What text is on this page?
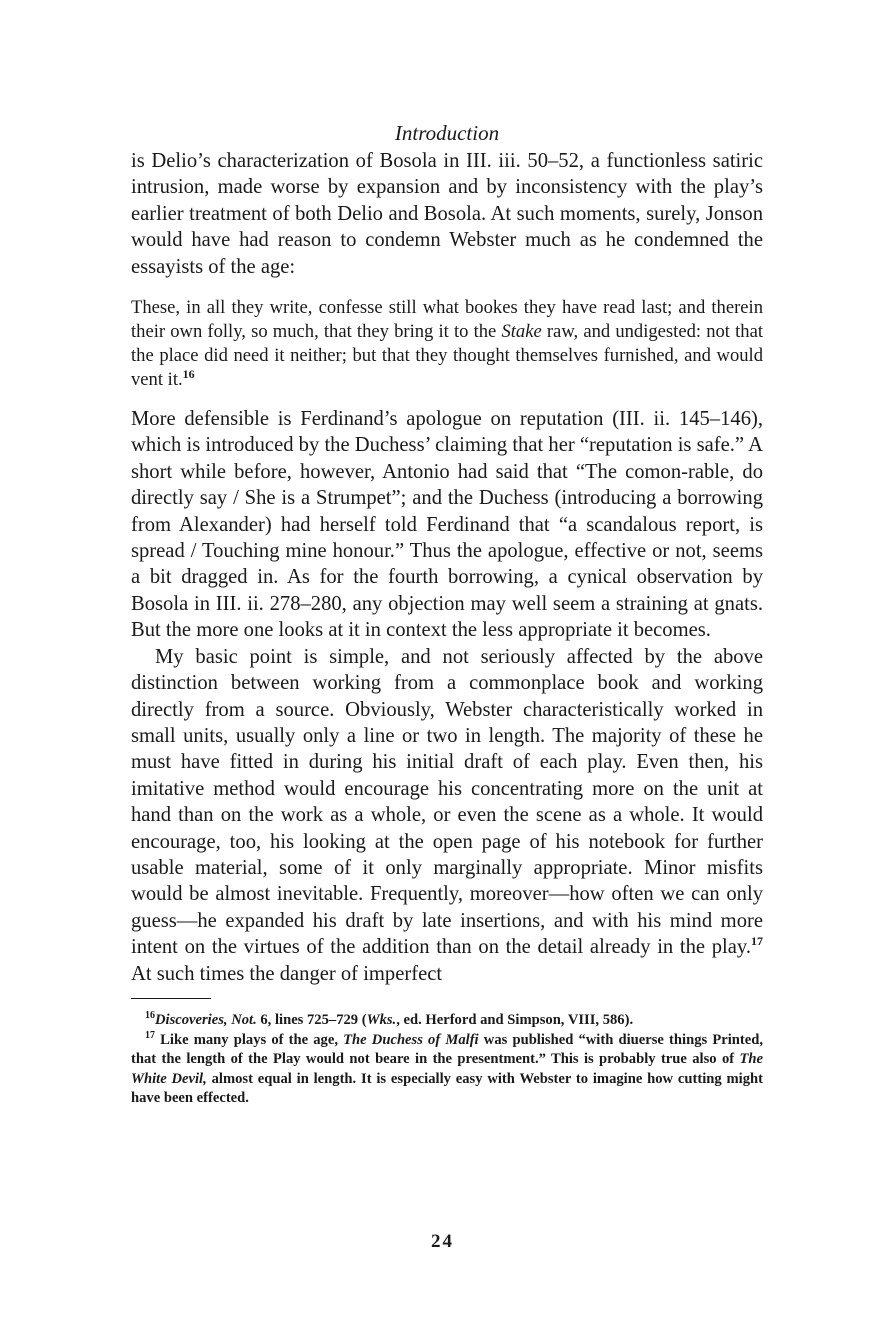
Introduction

is Delio’s characterization of Bosola in III. iii. 50–52, a functionless satiric intrusion, made worse by expansion and by inconsistency with the play’s earlier treatment of both Delio and Bosola. At such moments, surely, Jonson would have had reason to condemn Webster much as he condemned the essayists of the age:

These, in all they write, confesse still what bookes they have read last; and therein their own folly, so much, that they bring it to the Stake raw, and undigested: not that the place did need it neither; but that they thought themselves furnished, and would vent it.$^{16}$

More defensible is Ferdinand’s apologue on reputation (III. ii. 145–146), which is introduced by the Duchess’ claiming that her “reputation is safe.” A short while before, however, Antonio had said that “The comon-rable, do directly say / She is a Strumpet”; and the Duchess (introducing a borrowing from Alexander) had herself told Ferdinand that “a scandalous report, is spread / Touching mine honour.” Thus the apologue, effective or not, seems a bit dragged in. As for the fourth borrowing, a cynical observation by Bosola in III. ii. 278–280, any objection may well seem a straining at gnats. But the more one looks at it in context the less appropriate it becomes.

My basic point is simple, and not seriously affected by the above distinction between working from a commonplace book and working directly from a source. Obviously, Webster characteristically worked in small units, usually only a line or two in length. The majority of these he must have fitted in during his initial draft of each play. Even then, his imitative method would encourage his concentrating more on the unit at hand than on the work as a whole, or even the scene as a whole. It would encourage, too, his looking at the open page of his notebook for further usable material, some of it only marginally appropriate. Minor misfits would be almost inevitable. Frequently, moreover—how often we can only guess—he expanded his draft by late insertions, and with his mind more intent on the virtues of the addition than on the detail already in the play.$^{17}$ At such times the danger of imperfect

$^{16}$Discoveries, Not. 6, lines 725–729 (Wks., ed. Herford and Simpson, VIII, 586).

$^{17}$ Like many plays of the age, The Duchess of Malfi was published “with diuerse things Printed, that the length of the Play would not beare in the presentment.” This is probably true also of The White Devil, almost equal in length. It is especially easy with Webster to imagine how cutting might have been effected.

24
